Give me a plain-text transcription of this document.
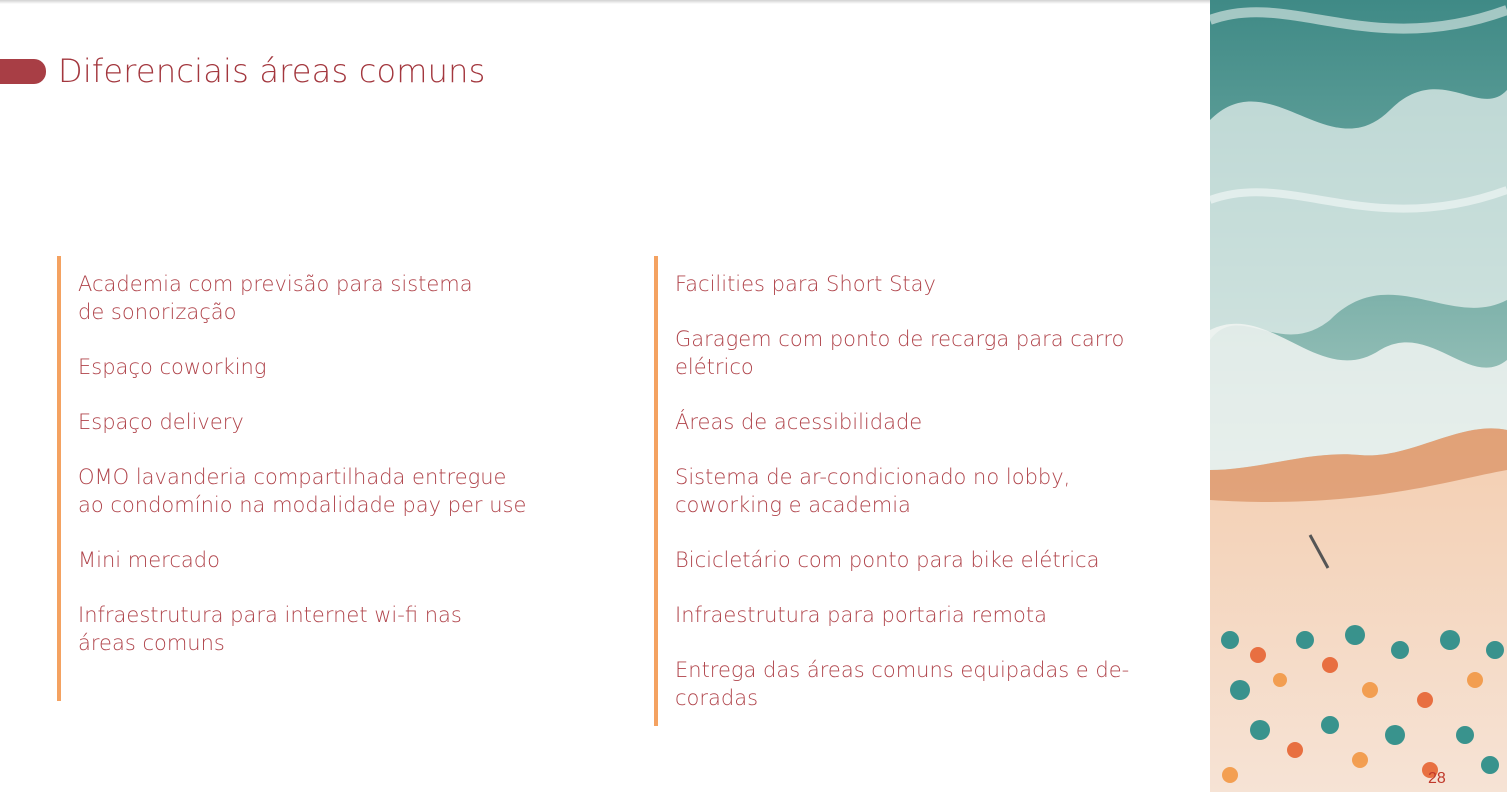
Diferenciais áreas comuns
Academia com previsão para sistema
de sonorização
Espaço coworking
Espaço delivery
OMO lavanderia compartilhada entregue
ao condomínio na modalidade pay per use
Mini mercado
Infraestrutura para internet wi-fi nas
áreas comuns
Facilities para Short Stay
Garagem com ponto de recarga para carro
elétrico
Áreas de acessibilidade
Sistema de ar-condicionado no lobby,
coworking e academia
Bicicletário com ponto para bike elétrica
Infraestrutura para portaria remota
Entrega das áreas comuns equipadas e de-
coradas
28
